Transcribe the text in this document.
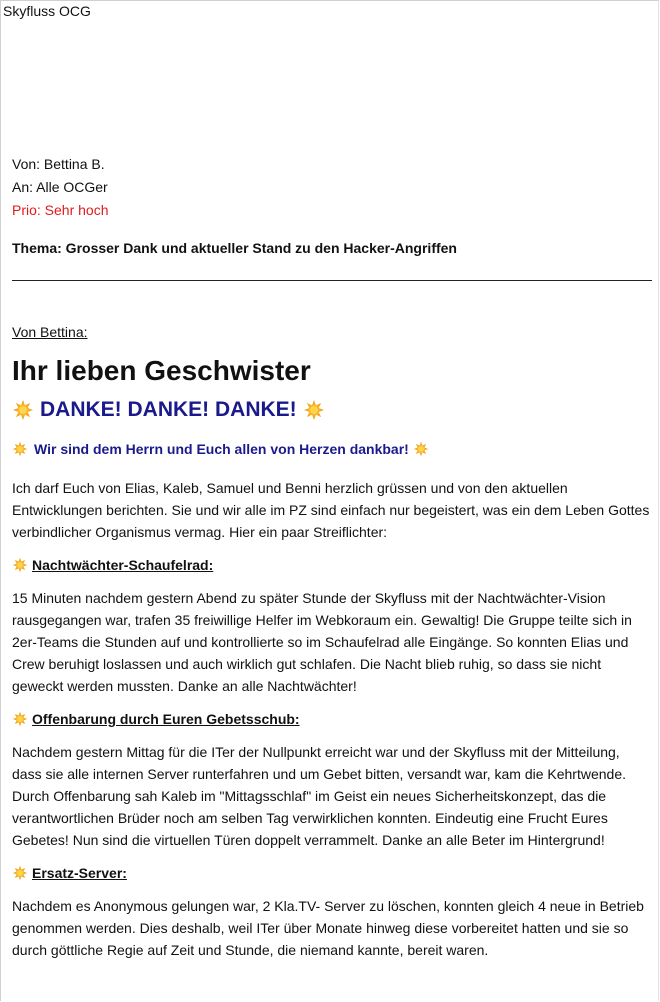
Skyfluss OCG
Von: Bettina B.
An: Alle OCGer
Prio: Sehr hoch
Thema: Grosser Dank und aktueller Stand zu den Hacker-Angriffen
Von Bettina:
Ihr lieben Geschwister
DANKE! DANKE! DANKE!
Wir sind dem Herrn und Euch allen von Herzen dankbar!

Ich darf Euch von Elias, Kaleb, Samuel und Benni herzlich grüssen und von den aktuellen Entwicklungen berichten. Sie und wir alle im PZ sind einfach nur begeistert, was ein dem Leben Gottes verbindlicher Organismus vermag. Hier ein paar Streiflichter:

Nachtwächter-Schaufelrad:

15 Minuten nachdem gestern Abend zu später Stunde der Skyfluss mit der Nachtwächter-Vision rausgegangen war, trafen 35 freiwillige Helfer im Webkoraum ein. Gewaltig! Die Gruppe teilte sich in 2er-Teams die Stunden auf und kontrollierte so im Schaufelrad alle Eingänge. So konnten Elias und Crew beruhigt loslassen und auch wirklich gut schlafen. Die Nacht blieb ruhig, so dass sie nicht geweckt werden mussten. Danke an alle Nachtwächter!

Offenbarung durch Euren Gebetsschub:

Nachdem gestern Mittag für die ITer der Nullpunkt erreicht war und der Skyfluss mit der Mitteilung, dass sie alle internen Server runterfahren und um Gebet bitten, versandt war, kam die Kehrtwende. Durch Offenbarung sah Kaleb im "Mittagsschlaf" im Geist ein neues Sicherheitskonzept, das die verantwortlichen Brüder noch am selben Tag verwirklichen konnten. Eindeutig eine Frucht Eures Gebetes! Nun sind die virtuellen Türen doppelt verrammelt. Danke an alle Beter im Hintergrund!

Ersatz-Server:

Nachdem es Anonymous gelungen war, 2 Kla.TV- Server zu löschen, konnten gleich 4 neue in Betrieb genommen werden. Dies deshalb, weil ITer über Monate hinweg diese vorbereitet hatten und sie so durch göttliche Regie auf Zeit und Stunde, die niemand kannte, bereit waren.
